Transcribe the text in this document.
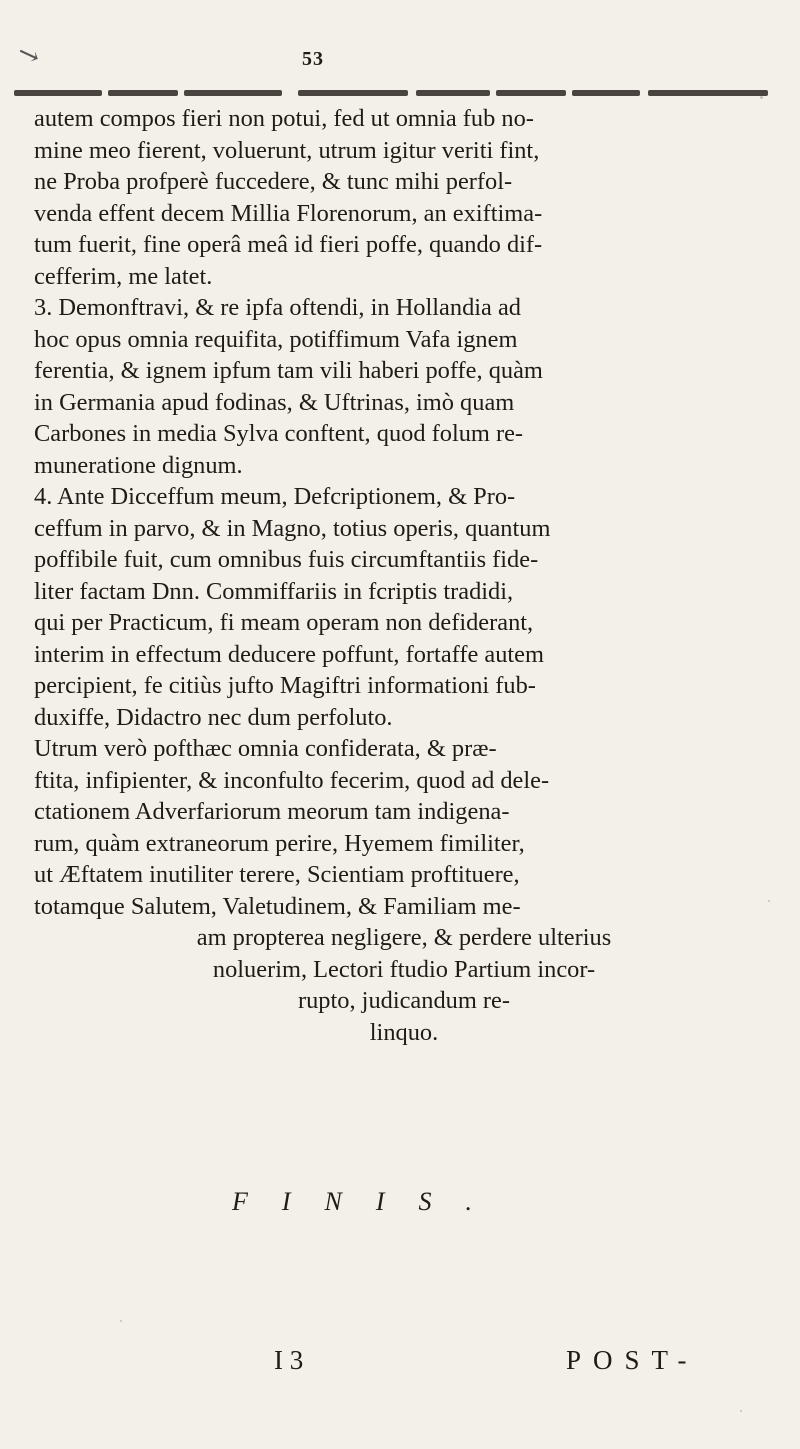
↘	53
autem compos fieri non potui, fed ut omnia fub no-
mine meo fierent, voluerunt, utrum igitur veriti fint,
ne Proba profperè fuccedere, & tunc mihi perfol-
venda effent decem Millia Florenorum, an exiftima-
tum fuerit, fine operâ meâ id fieri poffe, quando dif-
cefferim, me latet.
3. Demonftravi, & re ipfa oftendi, in Hollandia ad
hoc opus omnia requifita, potiffimum Vafa ignem
ferentia, & ignem ipfum tam vili haberi poffe, quàm
in Germania apud fodinas, & Uftrinas, imò quam
Carbones in media Sylva conftent, quod folum re-
muneratione dignum.
4. Ante Dicceffum meum, Defcriptionem, & Pro-
ceffum in parvo, & in Magno, totius operis, quantum
poffibile fuit, cum omnibus fuis circumftantiis fide-
liter factam Dnn. Commiffariis in fcriptis tradidi,
qui per Practicum, fi meam operam non defiderant,
interim in effectum deducere poffunt, fortaffe autem
percipient, fe citiùs jufto Magiftri informationi fub-
duxiffe, Didactro nec dum perfoluto.
Utrum verò pofthæc omnia confiderata, & præ-
ftita, infipienter, & inconfulto fecerim, quod ad dele-
ctationem Adverfariorum meorum tam indigena-
rum, quàm extraneorum perire, Hyemem fimiliter,
ut Æftatem inutiliter terere, Scientiam proftituere,
totamque Salutem, Valetudinem, & Familiam me-
am propterea negligere, & perdere ulterius
noluerim, Lectori ftudio Partium incor-
rupto, judicandum re-
linquo.
FINIS.
I 3	POST-
